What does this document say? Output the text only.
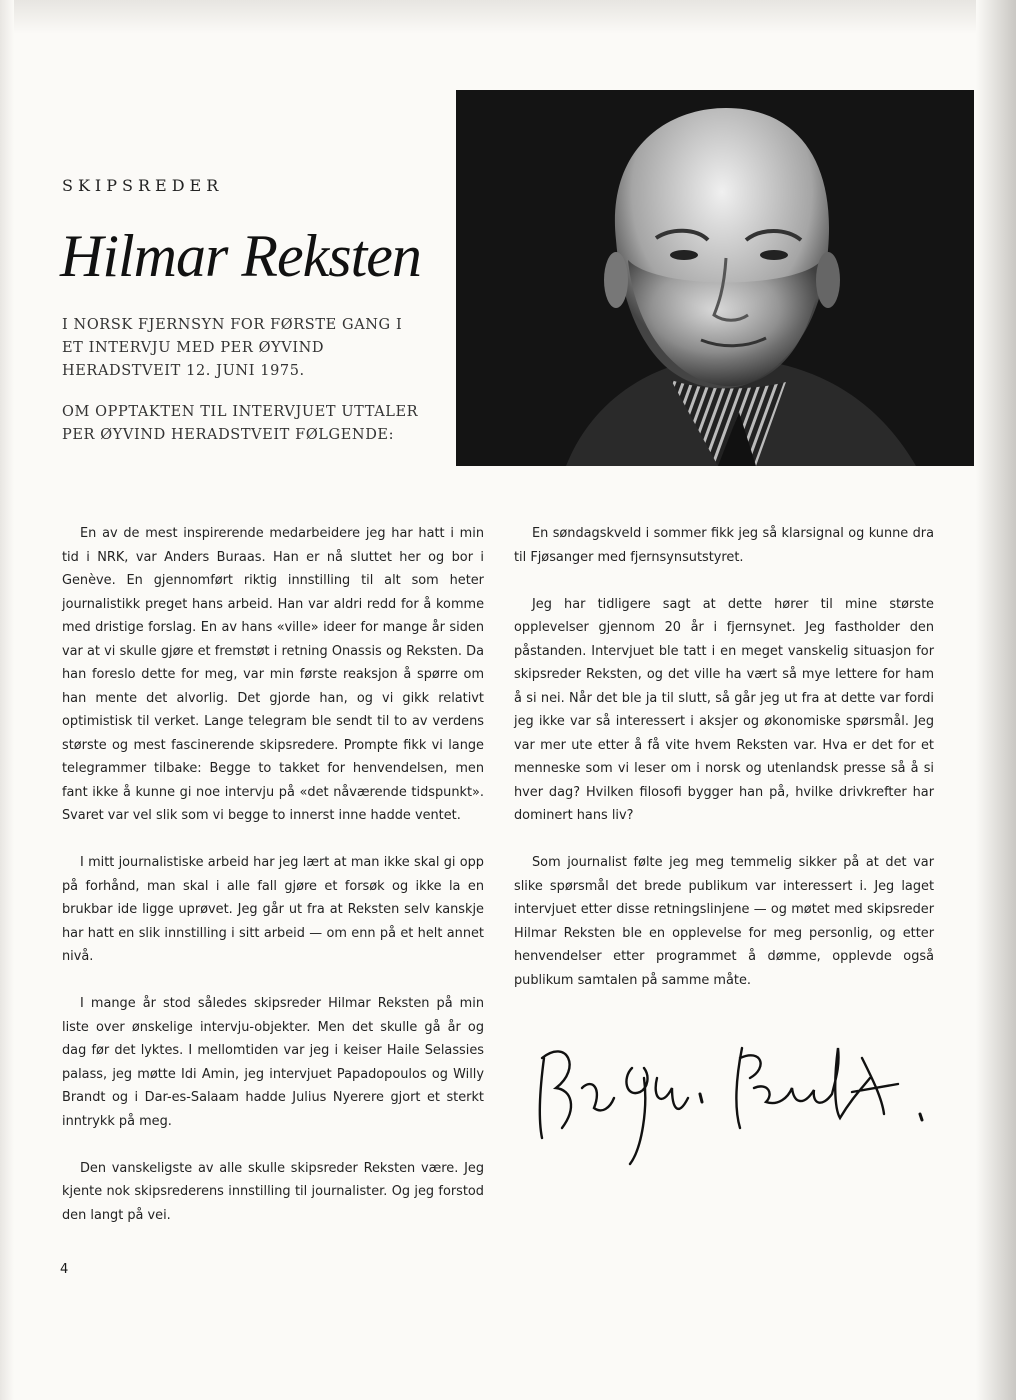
SKIPSREDER
Hilmar Reksten
I NORSK FJERNSYN FOR FØRSTE GANG I ET INTERVJU MED PER ØYVIND HERADSTVEIT 12. JUNI 1975.
OM OPPTAKTEN TIL INTERVJUET UTTALER PER ØYVIND HERADSTVEIT FØLGENDE:

En av de mest inspirerende medarbeidere jeg har hatt i min tid i NRK, var Anders Buraas. Han er nå sluttet her og bor i Genève. En gjennomført riktig innstilling til alt som heter journalistikk preget hans arbeid. Han var aldri redd for å komme med dristige forslag. En av hans «ville» ideer for mange år siden var at vi skulle gjøre et fremstøt i retning Onassis og Reksten. Da han foreslo dette for meg, var min første reaksjon å spørre om han mente det alvorlig. Det gjorde han, og vi gikk relativt optimistisk til verket. Lange telegram ble sendt til to av verdens største og mest fascinerende skipsredere. Prompte fikk vi lange telegrammer tilbake: Begge to takket for henvendelsen, men fant ikke å kunne gi noe intervju på «det nåværende tidspunkt». Svaret var vel slik som vi begge to innerst inne hadde ventet.

I mitt journalistiske arbeid har jeg lært at man ikke skal gi opp på forhånd, man skal i alle fall gjøre et forsøk og ikke la en brukbar ide ligge uprøvet. Jeg går ut fra at Reksten selv kanskje har hatt en slik innstilling i sitt arbeid — om enn på et helt annet nivå.

I mange år stod således skipsreder Hilmar Reksten på min liste over ønskelige intervju-objekter. Men det skulle gå år og dag før det lyktes. I mellomtiden var jeg i keiser Haile Selassies palass, jeg møtte Idi Amin, jeg intervjuet Papadopoulos og Willy Brandt og i Dar-es-Salaam hadde Julius Nyerere gjort et sterkt inntrykk på meg.

Den vanskeligste av alle skulle skipsreder Reksten være. Jeg kjente nok skipsrederens innstilling til journalister. Og jeg forstod den langt på vei.

En søndagskveld i sommer fikk jeg så klarsignal og kunne dra til Fjøsanger med fjernsynsutstyret.

Jeg har tidligere sagt at dette hører til mine største opplevelser gjennom 20 år i fjernsynet. Jeg fastholder den påstanden. Intervjuet ble tatt i en meget vanskelig situasjon for skipsreder Reksten, og det ville ha vært så mye lettere for ham å si nei. Når det ble ja til slutt, så går jeg ut fra at dette var fordi jeg ikke var så interessert i aksjer og økonomiske spørsmål. Jeg var mer ute etter å få vite hvem Reksten var. Hva er det for et menneske som vi leser om i norsk og utenlandsk presse så å si hver dag? Hvilken filosofi bygger han på, hvilke drivkrefter har dominert hans liv?

Som journalist følte jeg meg temmelig sikker på at det var slike spørsmål det brede publikum var interessert i. Jeg laget intervjuet etter disse retningslinjene — og møtet med skipsreder Hilmar Reksten ble en opplevelse for meg personlig, og etter henvendelser etter programmet å dømme, opplevde også publikum samtalen på samme måte.

4
